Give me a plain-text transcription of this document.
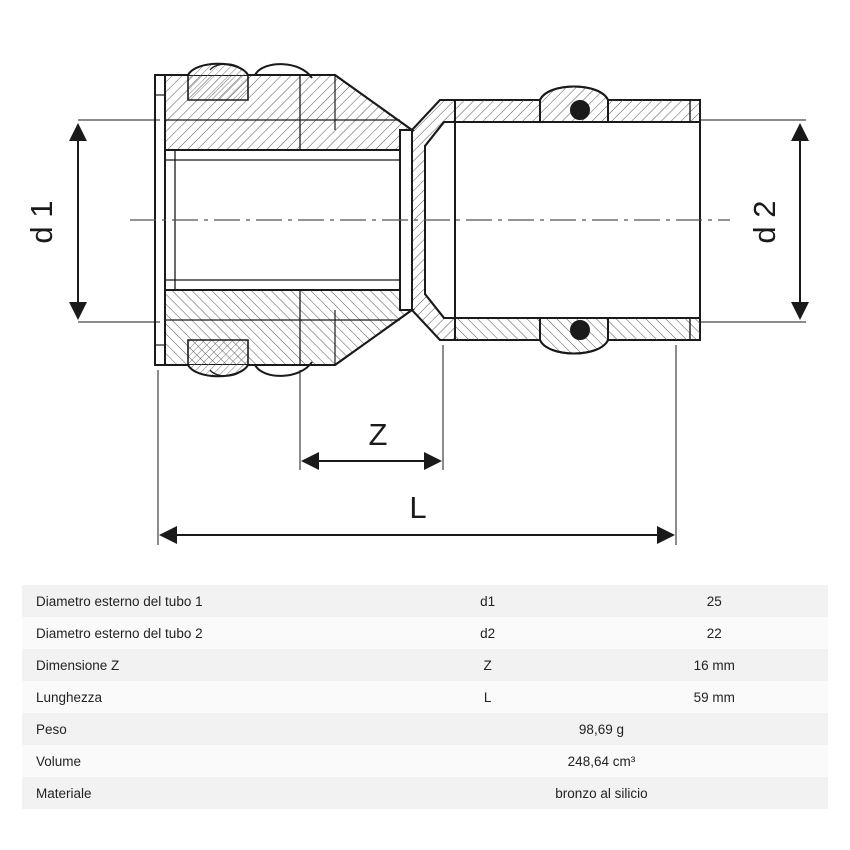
d 1	d 2
Z
L
Diametro esterno del tubo 1	d1	25
Diametro esterno del tubo 2	d2	22
Dimensione Z	Z	16 mm
Lunghezza	L	59 mm
Peso	98,69 g	
Volume	248,64 cm³	
Materiale	bronzo al silicio	
